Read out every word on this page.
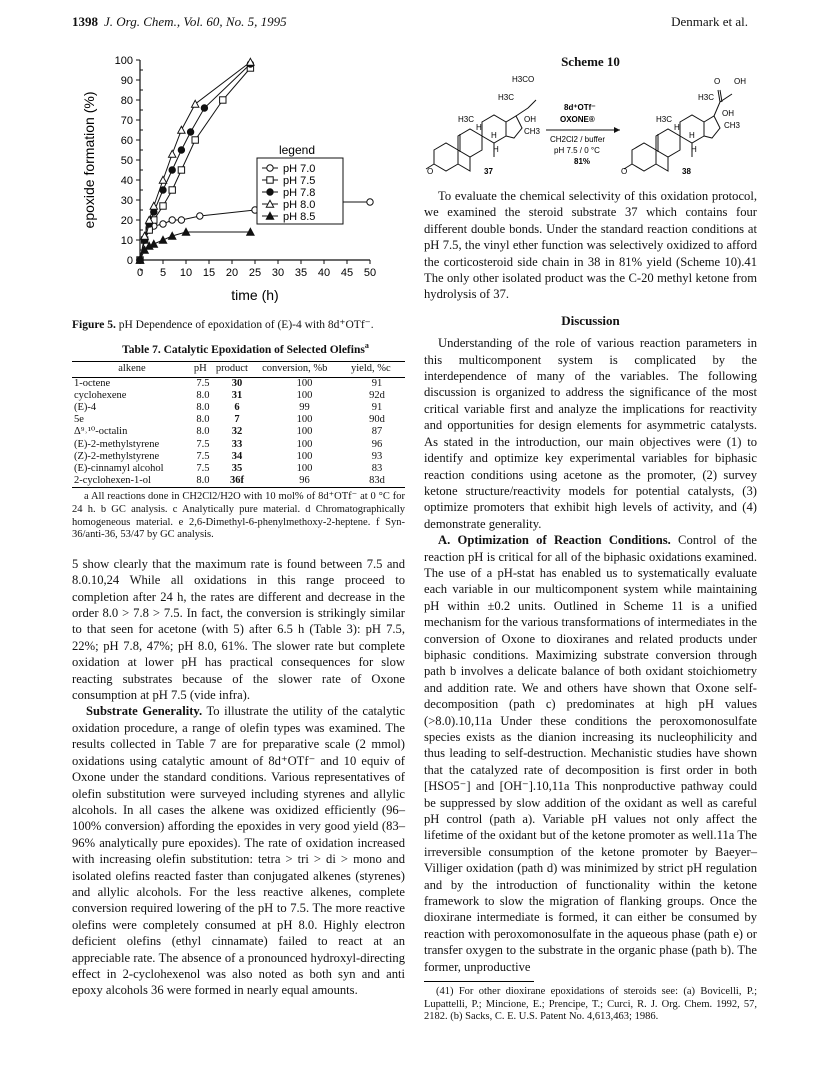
1398 J. Org. Chem., Vol. 60, No. 5, 1995	Denmark et al.
0 5 10 15 20 25 30 35 40 45 50
0
10
20
30
40
50
60
70
80
90
100
time (h)
epoxide formation (%)	legend
pH 7.0
pH 7.5
pH 7.8
pH 8.0
pH 8.5

Figure 5. pH Dependence of epoxidation of (E)-4 with 8d⁺OTf⁻.

Table 7. Catalytic Epoxidation of Selected Olefins$^a$

alkene	pH	product	conversion, %b	yield, %c
1-octene	7.5	30	100	91
cyclohexene	8.0	31	100	92d
(E)-4	8.0	6	99	91
5e	8.0	7	100	90d
Δ⁹˒¹⁰-octalin	8.0	32	100	87
(E)-2-methylstyrene	7.5	33	100	96
(Z)-2-methylstyrene	7.5	34	100	93
(E)-cinnamyl alcohol	7.5	35	100	83
2-cyclohexen-1-ol	8.0	36f	96	83d

a All reactions done in CH2Cl2/H2O with 10 mol% of 8d⁺OTf⁻ at 0 °C for 24 h. b GC analysis. c Analytically pure material. d Chromatographically homogeneous material. e 2,6-Dimethyl-6-phenylmethoxy-2-heptene. f Syn-36/anti-36, 53/47 by GC analysis.

5 show clearly that the maximum rate is found between 7.5 and 8.0.10,24 While all oxidations in this range proceed to completion after 24 h, the rates are different and decrease in the order 8.0 > 7.8 > 7.5. In fact, the conversion is strikingly similar to that seen for acetone (with 5) after 6.5 h (Table 3): pH 7.5, 22%; pH 7.8, 47%; pH 8.0, 61%. The slower rate but complete oxidation at lower pH has practical consequences for slow reacting substrates because of the slower rate of Oxone consumption at pH 7.5 (vide infra).

Substrate Generality. To illustrate the utility of the catalytic oxidation procedure, a range of olefin types was examined. The results collected in Table 7 are for preparative scale (2 mmol) oxidations using catalytic amount of 8d⁺OTf⁻ and 10 equiv of Oxone under the standard conditions. Various representatives of olefin substitution were surveyed including styrenes and allylic alcohols. In all cases the alkene was oxidized efficiently (96–100% conversion) affording the epoxides in very good yield (83–96% analytically pure epoxides). The rate of oxidation increased with increasing olefin substitution: tetra > tri > di > mono and isolated olefins reacted faster than conjugated alkenes (styrenes) and allylic alcohols. For the less reactive alkenes, complete conversion required lowering of the pH to 7.5. The more reactive olefins were completely consumed at pH 8.0. Highly electron deficient olefins (ethyl cinnamate) failed to react at an appreciable rate. The absence of a pronounced hydroxyl-directing effect in 2-cyclohexenol was also noted as both syn and anti epoxy alcohols 36 were formed in nearly equal amounts.

Scheme 10
O
H3CO
H3C
H3C	OH
CH3
H
H
H
37
8d⁺OTf⁻
OXONE®
CH2Cl2 / buffer
pH 7.5 / 0 °C
81%
O
O OH
H3C
H3C
OH
CH3
H
H
H
38

To evaluate the chemical selectivity of this oxidation protocol, we examined the steroid substrate 37 which contains four different double bonds. Under the standard reaction conditions at pH 7.5, the vinyl ether function was selectively oxidized to afford the corticosteroid side chain in 38 in 81% yield (Scheme 10).41 The only other isolated product was the C-20 methyl ketone from hydrolysis of 37.

Discussion

Understanding of the role of various reaction parameters in this multicomponent system is complicated by the interdependence of many of the variables. The following discussion is organized to address the significance of the most critical variable first and analyze the implications for reactivity and opportunities for design elements for asymmetric catalysts. As stated in the introduction, our main objectives were (1) to identify and optimize key experimental variables for biphasic reaction conditions using acetone as the promoter, (2) survey ketone structure/reactivity models for potential catalysts, (3) optimize promoters that exhibit high levels of activity, and (4) demonstrate generality.

A. Optimization of Reaction Conditions. Control of the reaction pH is critical for all of the biphasic oxidations examined. The use of a pH-stat has enabled us to systematically evaluate each variable in our multicomponent system while maintaining pH within ±0.2 units. Outlined in Scheme 11 is a unified mechanism for the various transformations of intermediates in the conversion of Oxone to dioxiranes and related products under biphasic conditions. Maximizing substrate conversion through path b involves a delicate balance of both oxidant stoichiometry and addition rate. We and others have shown that Oxone self-decomposition (path c) predominates at high pH values (>8.0).10,11a Under these conditions the peroxomonosulfate species exists as the dianion increasing its nucleophilicity and thus leading to self-destruction. Mechanistic studies have shown that the catalyzed rate of decomposition is first order in both [HSO5⁻] and [OH⁻].10,11a This nonproductive pathway could be suppressed by slow addition of the oxidant as well as careful pH control (path a). Variable pH values not only affect the lifetime of the oxidant but of the ketone promoter as well.11a The irreversible consumption of the ketone promoter by Baeyer–Villiger oxidation (path d) was minimized by strict pH regulation and by the introduction of functionality within the ketone framework to slow the migration of flanking groups. Once the dioxirane intermediate is formed, it can either be consumed by reaction with peroxomonosulfate in the aqueous phase (path e) or transfer oxygen to the substrate in the organic phase (path b). The former, unproductive

(41) For other dioxirane epoxidations of steroids see: (a) Bovicelli, P.; Lupattelli, P.; Mincione, E.; Prencipe, T.; Curci, R. J. Org. Chem. 1992, 57, 2182. (b) Sacks, C. E. U.S. Patent No. 4,613,463; 1986.
